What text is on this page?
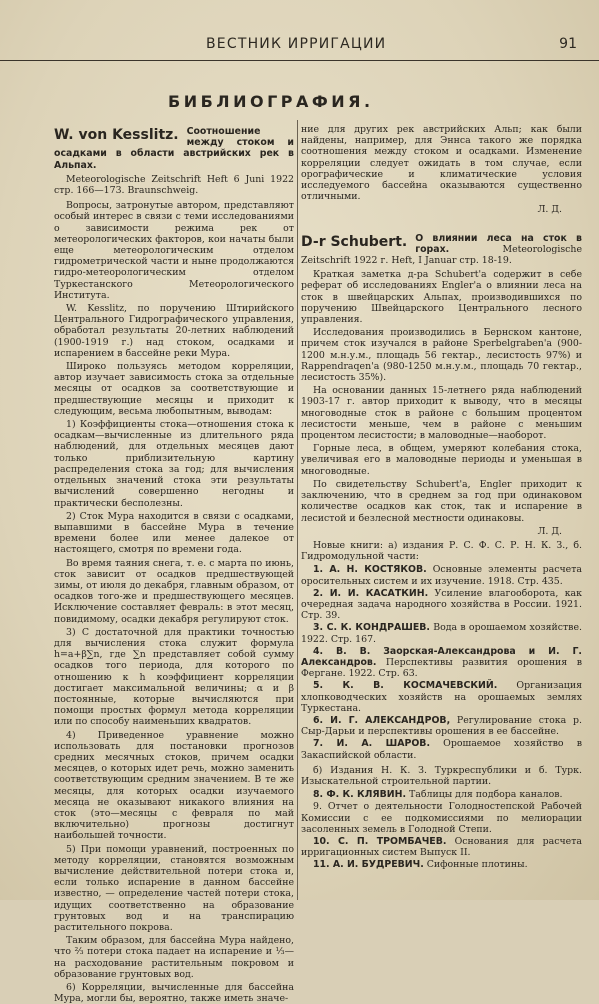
ВЕСТНИК ИРРИГАЦИИ	91
БИБЛИОГРАФИЯ.
W. von Kesslitz. Соотношение между стоком и осадками в области австрийских рек в Альпах.

Meteorologische Zeitschrift Heft 6 Juni 1922 стр. 166—173. Braunschweig.

Вопросы, затронутые автором, представляют особый интерес в связи с теми исследованиями о зависимости режима рек от метеорологических факторов, кои начаты были еще метеорологическим отделом гидрометрической части и ныне продолжаются гидро-метеорологическим отделом Туркестанского Метеорологического Института.

W. Kesslitz, по поручению Штирийского Центрального Гидрографического управления, обработал результаты 20-летних наблюдений (1900-1919 г.) над стоком, осадками и испарением в бассейне реки Мура.

Широко пользуясь методом корреляции, автор изучает зависимость стока за отдельные месяцы от осадков за соответствующие и предшествующие месяцы и приходит к следующим, весьма любопытным, выводам:

1) Коэффициенты стока—отношения стока к осадкам—вычисленные из длительного ряда наблюдений, для отдельных месяцев дают только приблизительную картину распределения стока за год; для вычисления отдельных значений стока эти результаты вычислений совершенно негодны и практически бесполезны.

2) Сток Мура находится в связи с осадками, выпавшими в бассейне Мура в течение времени более или менее далекое от настоящего, смотря по времени года.

Во время таяния снега, т. е. с марта по июнь, сток зависит от осадков предшествующей зимы, от июля до декабря, главным образом, от осадков того-же и предшествующего месяцев. Исключение составляет февраль: в этот месяц, повидимому, осадки декабря регулируют сток.

3) С достаточной для практики точностью для вычисления стока служит формула h=a+β∑n, где ∑n представляет собой сумму осадков того периода, для которого по отношению к h коэффициент корреляции достигает максимальной величины; α и β постоянные, которые вычисляются при помощи простых формул метода корреляции или по способу наименьших квадратов.

4) Приведенное уравнение можно использовать для постановки прогнозов средних месячных стоков, причем осадки месяцев, о которых идет речь, можно заменить соответствующим средним значением. В те же месяцы, для которых осадки изучаемого месяца не оказывают никакого влияния на сток (это—месяцы с февраля по май включительно) прогнозы достигнут наибольшей точности.

5) При помощи уравнений, построенных по методу корреляции, становятся возможным вычисление действительной потери стока и, если только испарение в данном бассейне известно, — определение частей потери стока, идущих соответственно на образование грунтовых вод и на транспирацию растительного покрова.

Таким образом, для бассейна Мура найдено, что ⅔ потери стока падает на испарение и ⅓—на расходование растительным покровом и образование грунтовых вод.

6) Корреляции, вычисленные для бассейна Мура, могли бы, вероятно, также иметь значе-

ние для других рек австрийских Альп; как были найдены, например, для Эннса такого же порядка соотношения между стоком и осадками. Изменение корреляции следует ожидать в том случае, если орографические и климатические условия исследуемого бассейна оказываются существенно отличными.

Л. Д.

D-r Schubert. О влиянии леса на сток в горах.	Meteorologische Zeitschrift 1922 г. Heft, I Januar стр. 18-19.

Краткая заметка д-ра Schubert'а содержит в себе реферат об исследованиях Engler'а о влиянии леса на сток в швейцарских Альпах, производившихся по поручению Швейцарского Центрального лесного управления.

Исследования производились в Бернском кантоне, причем сток изучался в районе Sperbelgraben'а (900-1200 м.н.у.м., площадь 56 гектар., лесистость 97%) и Rappendraqen'а (980-1250 м.н.у.м., площадь 70 гектар., лесистость 35%).

На основании данных 15-летнего ряда наблюдений 1903-17 г. автор приходит к выводу, что в месяцы многоводные сток в районе с большим процентом лесистости меньше, чем в районе с меньшим процентом лесистости; в маловодные—наоборот.

Горные леса, в общем, умеряют колебания стока, увеличивая его в маловодные периоды и уменьшая в многоводные.

По свидетельству Schubert'а, Engler приходит к заключению, что в среднем за год при одинаковом количестве осадков как сток, так и испарение в лесистой и безлесной местности одинаковы.

Л. Д.

Новые книги: а) издания Р. С. Ф. С. Р. Н. К. З., б. Гидромодульной части:

1. А. Н. КОСТЯКОВ. Основные элементы расчета оросительных систем и их изучение. 1918. Стр. 435.
2. И. И. КАСАТКИН. Усиление влагооборота, как очередная задача народного хозяйства в России. 1921. Стр. 39.
3. С. К. КОНДРАШЕВ. Вода в орошаемом хозяйстве. 1922. Стр. 167.
4. В. В. Заорская-Александрова и И. Г. Александров. Перспективы развития орошения в Фергане. 1922. Стр. 63.
5. К. В. КОСМАЧЕВСКИЙ. Организация хлопководческих хозяйств на орошаемых землях Туркестана.
6. И. Г. АЛЕКСАНДРОВ, Регулирование стока р. Сыр-Дарьи и перспективы орошения в ее бассейне.
7. И. А. ШАРОВ. Орошаемое хозяйство в Закаспийской области.

б) Издания Н. К. З. Туркреспублики и б. Турк. Изыскательной строительной партии.

8. Ф. К. КЛЯВИН. Таблицы для подбора каналов.
9. Отчет о деятельности Голодностепской Рабочей Комиссии с ее подкомиссиями по мелиорации засоленных земель в Голодной Степи.
10. С. П. ТРОМБАЧЕВ. Основания для расчета ирригационных систем Выпуск II.
11. А. И. БУДРЕВИЧ. Сифонные плотины.
